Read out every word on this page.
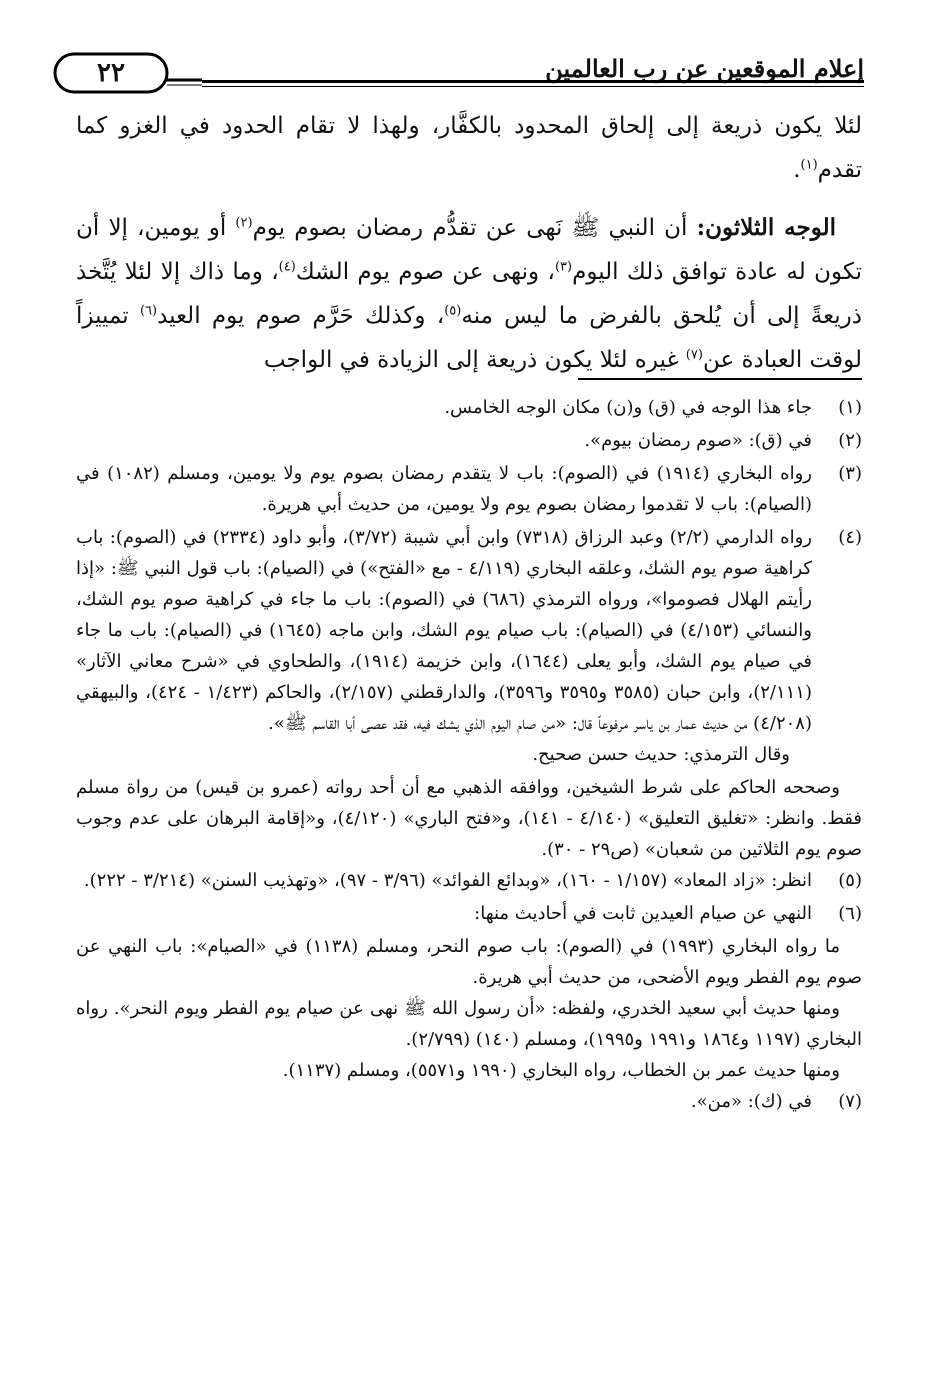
إعلام الموقعين عن رب العالمين
٢٢

لئلا يكون ذريعة إلى إلحاق المحدود بالكفَّار، ولهذا لا تقام الحدود في الغزو كما تقدم$^{(١)}$.

الوجه الثلاثون: أن النبي ﷺ نَهى عن تقدُّم رمضان بصوم يوم$^{(٢)}$ أو يومين، إلا أن تكون له عادة توافق ذلك اليوم$^{(٣)}$، ونهى عن صوم يوم الشك$^{(٤)}$، وما ذاك إلا لئلا يُتَّخذ ذريعةً إلى أن يُلحق بالفرض ما ليس منه$^{(٥)}$، وكذلك حَرَّم صوم يوم العيد$^{(٦)}$ تمييزاً لوقت العبادة عن$^{(٧)}$ غيره لئلا يكون ذريعة إلى الزيادة في الواجب

(١)
جاء هذا الوجه في (ق) و(ن) مكان الوجه الخامس.
(٢)
في (ق): «صوم رمضان بيوم».
(٣)
رواه البخاري (١٩١٤) في (الصوم): باب لا يتقدم رمضان بصوم يوم ولا يومين، ومسلم (١٠٨٢) في (الصيام): باب لا تقدموا رمضان بصوم يوم ولا يومين، من حديث أبي هريرة.
(٤)
رواه الدارمي (٢/٢) وعبد الرزاق (٧٣١٨) وابن أبي شيبة (٣/٧٢)، وأبو داود (٢٣٣٤) في (الصوم): باب كراهية صوم يوم الشك، وعلقه البخاري (٤/١١٩ - مع «الفتح») في (الصيام): باب قول النبي ﷺ: «إذا رأيتم الهلال فصوموا»، ورواه الترمذي (٦٨٦) في (الصوم): باب ما جاء في كراهية صوم يوم الشك، والنسائي (٤/١٥٣) في (الصيام): باب صيام يوم الشك، وابن ماجه (١٦٤٥) في (الصيام): باب ما جاء في صيام يوم الشك، وأبو يعلى (١٦٤٤)، وابن خزيمة (١٩١٤)، والطحاوي في «شرح معاني الآثار» (٢/١١١)، وابن حبان (٣٥٨٥ و٣٥٩٥ و٣٥٩٦)، والدارقطني (٢/١٥٧)، والحاكم (١/٤٢٣ - ٤٢٤)، والبيهقي (٤/٢٠٨) من حديث عمار بن ياسر مرفوعاً قال: «من صام اليوم الذي يشك فيه، فقد عصى أبا القاسم ﷺ».

وقال الترمذي: حديث حسن صحيح.

وصححه الحاكم على شرط الشيخين، ووافقه الذهبي مع أن أحد رواته (عمرو بن قيس) من رواة مسلم فقط. وانظر: «تغليق التعليق» (٤/١٤٠ - ١٤١)، و«فتح الباري» (٤/١٢٠)، و«إقامة البرهان على عدم وجوب صوم يوم الثلاثين من شعبان» (ص٢٩ - ٣٠).

(٥)
انظر: «زاد المعاد» (١/١٥٧ - ١٦٠)، «وبدائع الفوائد» (٣/٩٦ - ٩٧)، «وتهذيب السنن» (٣/٢١٤ - ٢٢٢).
(٦)
النهي عن صيام العيدين ثابت في أحاديث منها:

ما رواه البخاري (١٩٩٣) في (الصوم): باب صوم النحر، ومسلم (١١٣٨) في «الصيام»: باب النهي عن صوم يوم الفطر ويوم الأضحى، من حديث أبي هريرة.

ومنها حديث أبي سعيد الخدري، ولفظه: «أن رسول الله ﷺ نهى عن صيام يوم الفطر ويوم النحر». رواه البخاري (١١٩٧ و١٨٦٤ و١٩٩١ و١٩٩٥)، ومسلم (١٤٠) (٢/٧٩٩).

ومنها حديث عمر بن الخطاب، رواه البخاري (١٩٩٠ و٥٥٧١)، ومسلم (١١٣٧).

(٧)
في (ك): «من».
